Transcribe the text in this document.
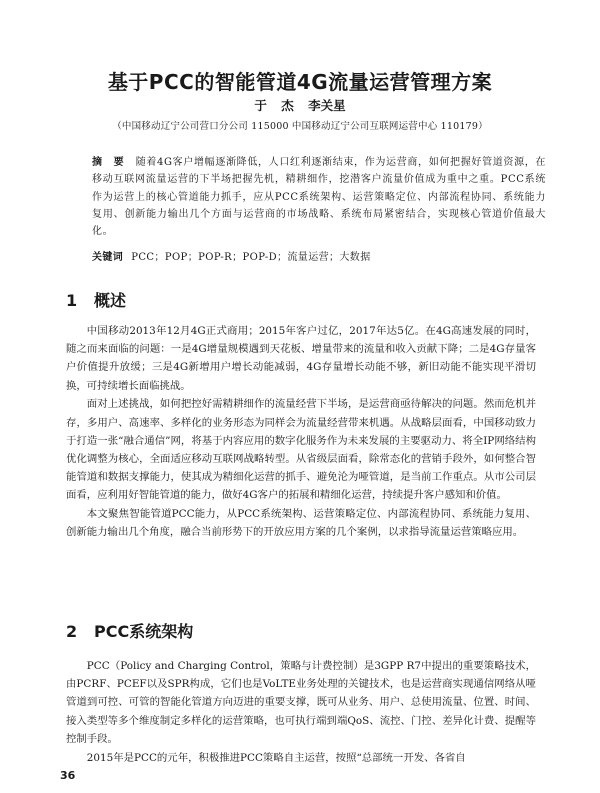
基于PCC的智能管道4G流量运营管理方案
于 杰 李关星
（中国移动辽宁公司营口分公司 115000 中国移动辽宁公司互联网运营中心 110179）
摘 要 随着4G客户增幅逐渐降低，人口红利逐渐结束，作为运营商，如何把握好管道资源，在移动互联网流量运营的下半场把握先机，精耕细作，挖潜客户流量价值成为重中之重。PCC系统作为运营上的核心管道能力抓手，应从PCC系统架构、运营策略定位、内部流程协同、系统能力复用、创新能力输出几个方面与运营商的市场战略、系统布局紧密结合，实现核心管道价值最大化。
关键词 PCC；POP；POP-R；POP-D；流量运营；大数据
1 概述

中国移动2013年12月4G正式商用；2015年客户过亿，2017年达5亿。在4G高速发展的同时，随之而来面临的问题：一是4G增量规模遇到天花板、增量带来的流量和收入贡献下降；二是4G存量客户价值提升放缓；三是4G新增用户增长动能减弱，4G存量增长动能不够，新旧动能不能实现平滑切换，可持续增长面临挑战。

面对上述挑战，如何把控好需精耕细作的流量经营下半场，是运营商亟待解决的问题。然而危机并存，多用户、高速率、多样化的业务形态为同样会为流量经营带来机遇。从战略层面看，中国移动致力于打造一张“融合通信”网，将基于内容应用的数字化服务作为未来发展的主要驱动力、将全IP网络结构优化调整为核心，全面适应移动互联网战略转型。从省级层面看，除常态化的营销手段外，如何整合智能管道和数据支撑能力，使其成为精细化运营的抓手、避免沦为哑管道，是当前工作重点。从市公司层面看，应利用好智能管道的能力，做好4G客户的拓展和精细化运营，持续提升客户感知和价值。

本文聚焦智能管道PCC能力，从PCC系统架构、运营策略定位、内部流程协同、系统能力复用、创新能力输出几个角度，融合当前形势下的开放应用方案的几个案例，以求指导流量运营策略应用。

2 PCC系统架构

PCC（Policy and Charging Control，策略与计费控制）是3GPP R7中提出的重要策略技术，由PCRF、PCEF以及SPR构成，它们也是VoLTE业务处理的关键技术，也是运营商实现通信网络从哑管道到可控、可管的智能化管道方向迈进的重要支撑，既可从业务、用户、总使用流量、位置、时间、接入类型等多个维度制定多样化的运营策略，也可执行端到端QoS、流控、门控、差异化计费、提醒等控制手段。

2015年是PCC的元年，积极推进PCC策略自主运营，按照“总部统一开发、各省自

36
